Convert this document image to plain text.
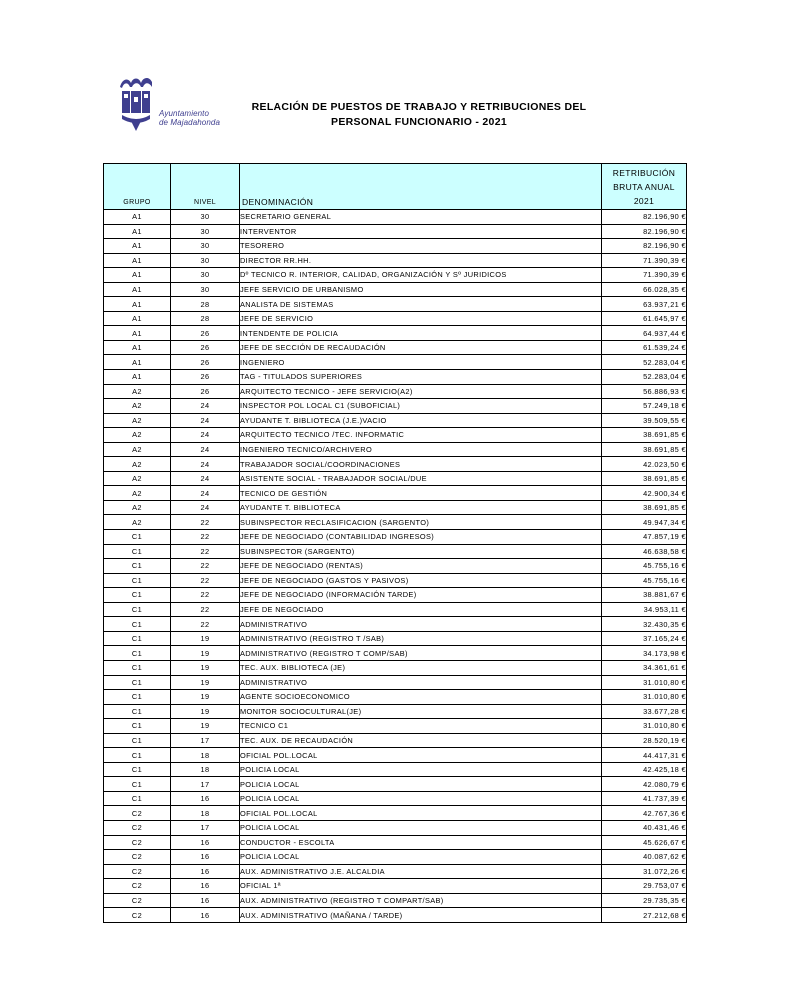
Ayuntamiento
de Majadahonda
RELACIÓN DE PUESTOS DE TRABAJO Y RETRIBUCIONES DEL
PERSONAL FUNCIONARIO - 2021
GRUPO	NIVEL	DENOMINACIÓN	RETRIBUCIÓN
BRUTA ANUAL
2021

A1	30	SECRETARIO GENERAL	82.196,90 €
A1	30	INTERVENTOR	82.196,90 €
A1	30	TESORERO	82.196,90 €
A1	30	DIRECTOR RR.HH.	71.390,39 €
A1	30	Dº TECNICO R. INTERIOR, CALIDAD, ORGANIZACIÓN Y Sº JURIDICOS	71.390,39 €
A1	30	JEFE SERVICIO DE URBANISMO	66.028,35 €
A1	28	ANALISTA DE SISTEMAS	63.937,21 €
A1	28	JEFE DE SERVICIO	61.645,97 €
A1	26	INTENDENTE DE POLICIA	64.937,44 €
A1	26	JEFE DE SECCIÓN DE RECAUDACIÓN	61.539,24 €
A1	26	INGENIERO	52.283,04 €
A1	26	TAG - TITULADOS SUPERIORES	52.283,04 €
A2	26	ARQUITECTO TECNICO - JEFE SERVICIO(A2)	56.886,93 €
A2	24	INSPECTOR POL LOCAL C1 (SUBOFICIAL)	57.249,18 €
A2	24	AYUDANTE T. BIBLIOTECA (J.E.)VACIO	39.509,55 €
A2	24	ARQUITECTO TECNICO /TEC. INFORMATIC	38.691,85 €
A2	24	INGENIERO TECNICO/ARCHIVERO	38.691,85 €
A2	24	TRABAJADOR SOCIAL/COORDINACIONES	42.023,50 €
A2	24	ASISTENTE SOCIAL - TRABAJADOR SOCIAL/DUE	38.691,85 €
A2	24	TECNICO DE GESTIÓN	42.900,34 €
A2	24	AYUDANTE T. BIBLIOTECA	38.691,85 €
A2	22	SUBINSPECTOR RECLASIFICACION (SARGENTO)	49.947,34 €
C1	22	JEFE DE NEGOCIADO (CONTABILIDAD INGRESOS)	47.857,19 €
C1	22	SUBINSPECTOR (SARGENTO)	46.638,58 €
C1	22	JEFE DE NEGOCIADO (RENTAS)	45.755,16 €
C1	22	JEFE DE NEGOCIADO (GASTOS Y PASIVOS)	45.755,16 €
C1	22	JEFE DE NEGOCIADO (INFORMACIÓN TARDE)	38.881,67 €
C1	22	JEFE DE NEGOCIADO	34.953,11 €
C1	22	ADMINISTRATIVO	32.430,35 €
C1	19	ADMINISTRATIVO (REGISTRO T /SAB)	37.165,24 €
C1	19	ADMINISTRATIVO (REGISTRO T COMP/SAB)	34.173,98 €
C1	19	TEC. AUX. BIBLIOTECA (JE)	34.361,61 €
C1	19	ADMINISTRATIVO	31.010,80 €
C1	19	AGENTE SOCIOECONOMICO	31.010,80 €
C1	19	MONITOR SOCIOCULTURAL(JE)	33.677,28 €
C1	19	TECNICO C1	31.010,80 €
C1	17	TEC. AUX. DE RECAUDACIÓN	28.520,19 €
C1	18	OFICIAL POL.LOCAL	44.417,31 €
C1	18	POLICIA LOCAL	42.425,18 €
C1	17	POLICIA LOCAL	42.080,79 €
C1	16	POLICIA LOCAL	41.737,39 €
C2	18	OFICIAL POL.LOCAL	42.767,36 €
C2	17	POLICIA LOCAL	40.431,46 €
C2	16	CONDUCTOR - ESCOLTA	45.626,67 €
C2	16	POLICIA LOCAL	40.087,62 €
C2	16	AUX. ADMINISTRATIVO J.E. ALCALDIA	31.072,26 €
C2	16	OFICIAL 1ª	29.753,07 €
C2	16	AUX. ADMINISTRATIVO (REGISTRO T COMPART/SAB)	29.735,35 €
C2	16	AUX. ADMINISTRATIVO (MAÑANA / TARDE)	27.212,68 €
